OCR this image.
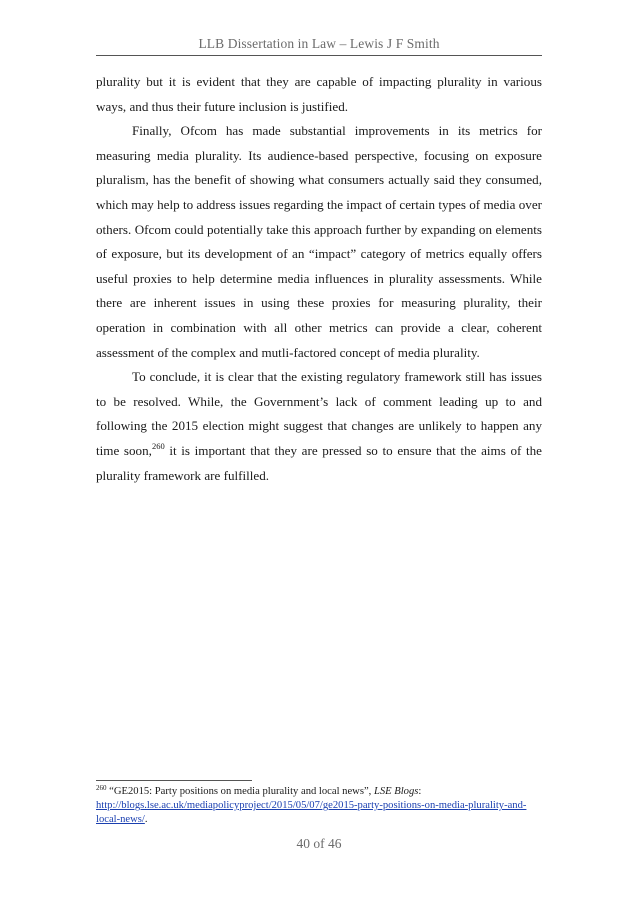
LLB Dissertation in Law – Lewis J F Smith

plurality but it is evident that they are capable of impacting plurality in various ways, and thus their future inclusion is justified.

Finally, Ofcom has made substantial improvements in its metrics for measuring media plurality. Its audience-based perspective, focusing on exposure pluralism, has the benefit of showing what consumers actually said they consumed, which may help to address issues regarding the impact of certain types of media over others. Ofcom could potentially take this approach further by expanding on elements of exposure, but its development of an “impact” category of metrics equally offers useful proxies to help determine media influences in plurality assessments. While there are inherent issues in using these proxies for measuring plurality, their operation in combination with all other metrics can provide a clear, coherent assessment of the complex and mutli-factored concept of media plurality.

To conclude, it is clear that the existing regulatory framework still has issues to be resolved. While, the Government’s lack of comment leading up to and following the 2015 election might suggest that changes are unlikely to happen any time soon,$^{260}$ it is important that they are pressed so to ensure that the aims of the plurality framework are fulfilled.

$^{260}$ “GE2015: Party positions on media plurality and local news”, LSE Blogs: http://blogs.lse.ac.uk/mediapolicyproject/2015/05/07/ge2015-party-positions-on-media-plurality-and-local-news/.
40 of 46
